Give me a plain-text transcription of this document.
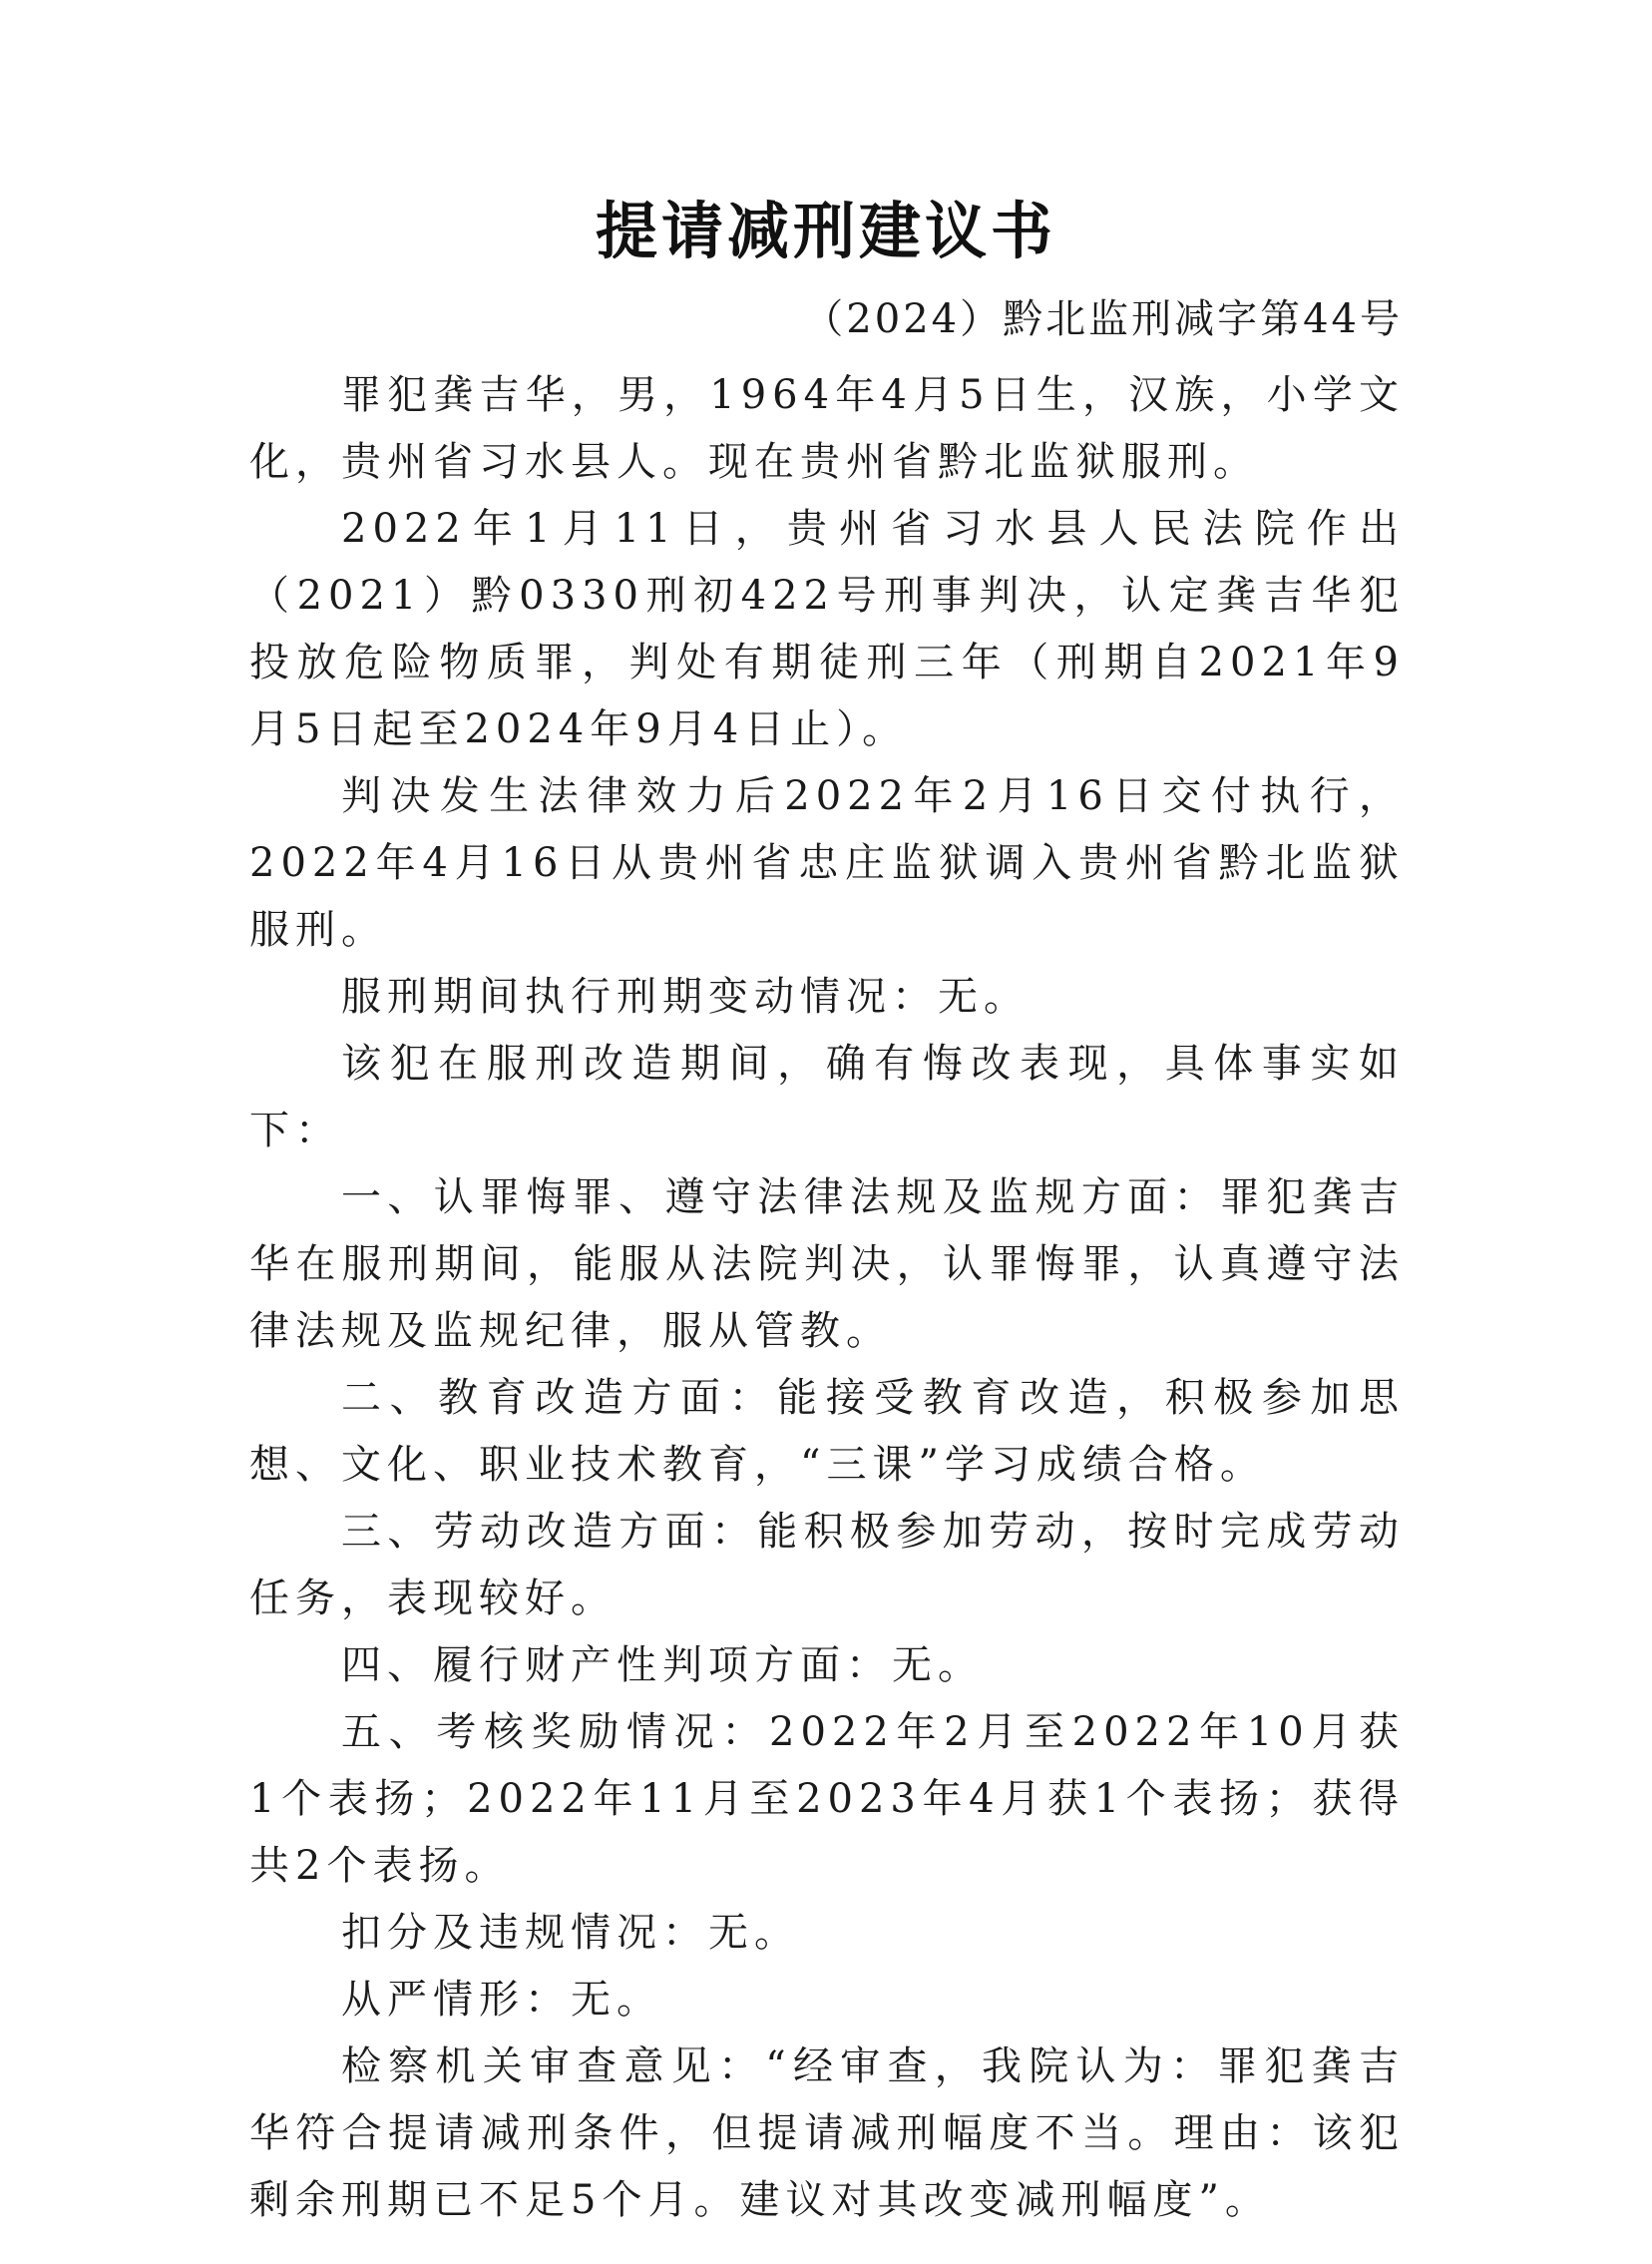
提请减刑建议书
（2024）黔北监刑减字第44号

罪犯龚吉华，男，1964年4月5日生，汉族，小学文化，贵州省习水县人。现在贵州省黔北监狱服刑。

2022年1月11日，贵州省习水县人民法院作出（2021）黔0330刑初422号刑事判决，认定龚吉华犯投放危险物质罪，判处有期徒刑三年（刑期自2021年9月5日起至2024年9月4日止）。

判决发生法律效力后2022年2月16日交付执行，2022年4月16日从贵州省忠庄监狱调入贵州省黔北监狱服刑。

服刑期间执行刑期变动情况：无。

该犯在服刑改造期间，确有悔改表现，具体事实如下：

一、认罪悔罪、遵守法律法规及监规方面：罪犯龚吉华在服刑期间，能服从法院判决，认罪悔罪，认真遵守法律法规及监规纪律，服从管教。

二、教育改造方面：能接受教育改造，积极参加思想、文化、职业技术教育，“三课”学习成绩合格。

三、劳动改造方面：能积极参加劳动，按时完成劳动任务，表现较好。

四、履行财产性判项方面：无。

五、考核奖励情况：2022年2月至2022年10月获1个表扬；2022年11月至2023年4月获1个表扬；获得共2个表扬。

扣分及违规情况：无。

从严情形：无。

检察机关审查意见：“经审查，我院认为：罪犯龚吉华符合提请减刑条件，但提请减刑幅度不当。理由：该犯剩余刑期已不足5个月。建议对其改变减刑幅度”。
